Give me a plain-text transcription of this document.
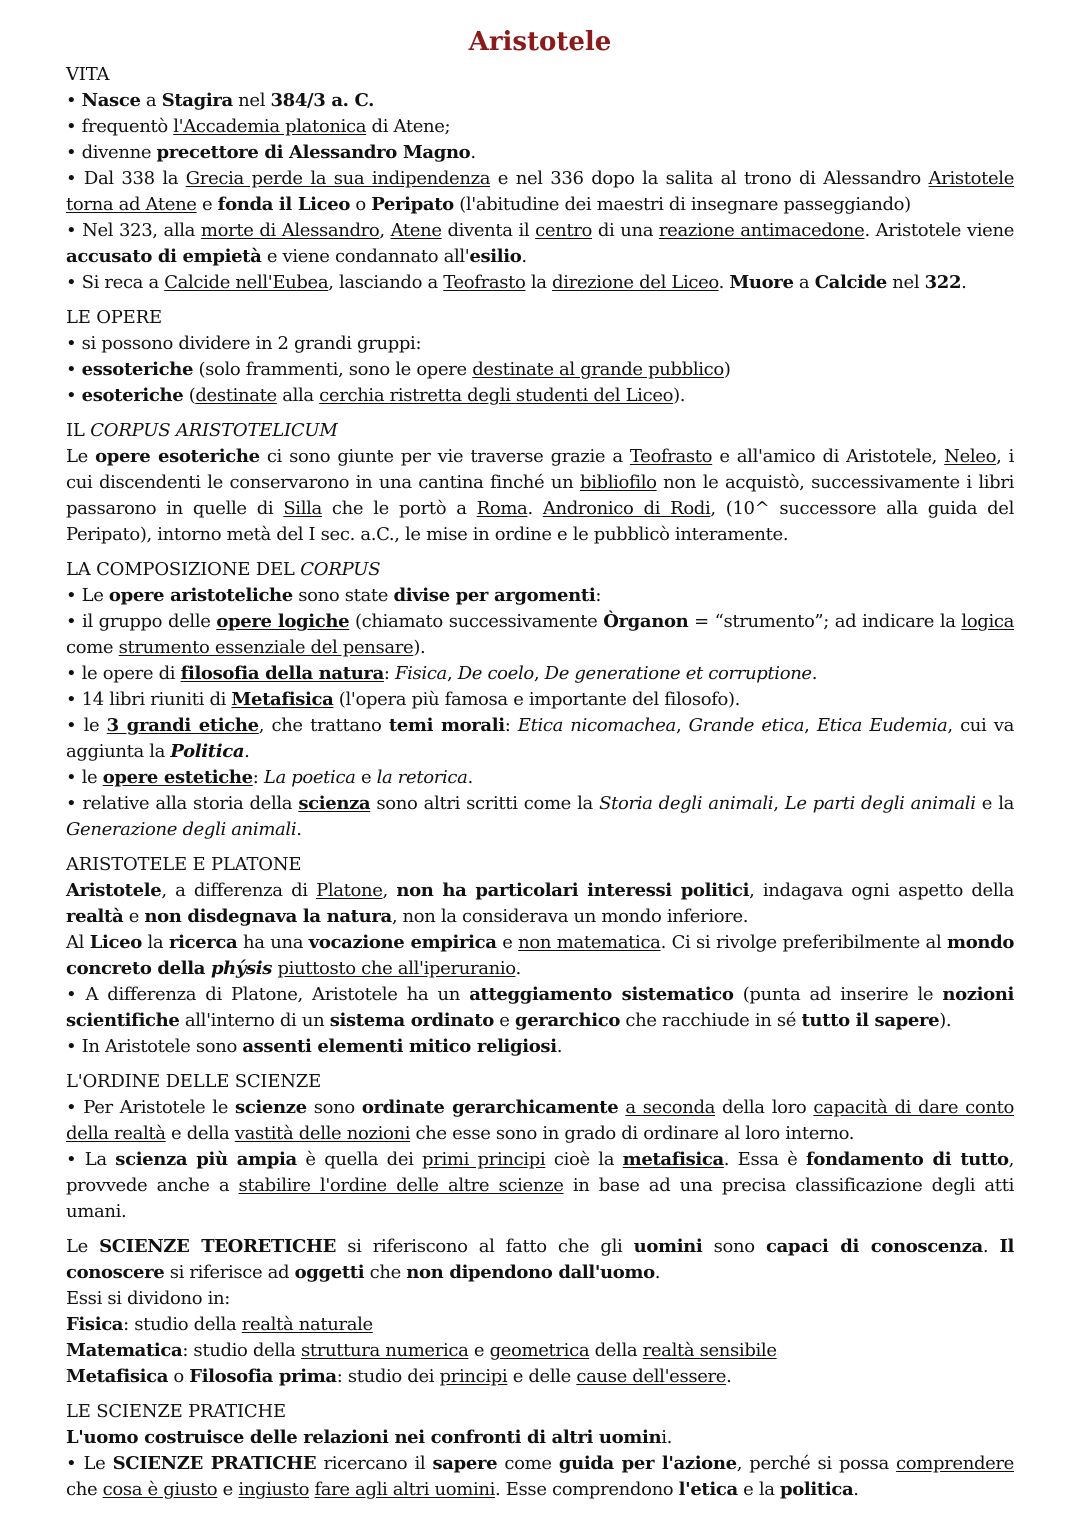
Aristotele
VITA

• Nasce a Stagira nel 384/3 a. C.

• frequentò l'Accademia platonica di Atene;

• divenne precettore di Alessandro Magno.

• Dal 338 la Grecia perde la sua indipendenza e nel 336 dopo la salita al trono di Alessandro Aristotele torna ad Atene e fonda il Liceo o Peripato (l'abitudine dei maestri di insegnare passeggiando)

• Nel 323, alla morte di Alessandro, Atene diventa il centro di una reazione antimacedone. Aristotele viene accusato di empietà e viene condannato all'esilio.

• Si reca a Calcide nell'Eubea, lasciando a Teofrasto la direzione del Liceo. Muore a Calcide nel 322.

LE OPERE

• si possono dividere in 2 grandi gruppi:

• essoteriche (solo frammenti, sono le opere destinate al grande pubblico)

• esoteriche (destinate alla cerchia ristretta degli studenti del Liceo).

IL CORPUS ARISTOTELICUM

Le opere esoteriche ci sono giunte per vie traverse grazie a Teofrasto e all'amico di Aristotele, Neleo, i cui discendenti le conservarono in una cantina finché un bibliofilo non le acquistò, successivamente i libri passarono in quelle di Silla che le portò a Roma. Andronico di Rodi, (10^ successore alla guida del Peripato), intorno metà del I sec. a.C., le mise in ordine e le pubblicò interamente.

LA COMPOSIZIONE DEL CORPUS

• Le opere aristoteliche sono state divise per argomenti:

• il gruppo delle opere logiche (chiamato successivamente Òrganon = “strumento”; ad indicare la logica come strumento essenziale del pensare).

• le opere di filosofia della natura: Fisica, De coelo, De generatione et corruptione.

• 14 libri riuniti di Metafisica (l'opera più famosa e importante del filosofo).

• le 3 grandi etiche, che trattano temi morali: Etica nicomachea, Grande etica, Etica Eudemia, cui va aggiunta la Politica.

• le opere estetiche: La poetica e la retorica.

• relative alla storia della scienza sono altri scritti come la Storia degli animali, Le parti degli animali e la Generazione degli animali.

ARISTOTELE E PLATONE

Aristotele, a differenza di Platone, non ha particolari interessi politici, indagava ogni aspetto della realtà e non disdegnava la natura, non la considerava un mondo inferiore.

Al Liceo la ricerca ha una vocazione empirica e non matematica. Ci si rivolge preferibilmente al mondo concreto della phýsis piuttosto che all'iperuranio.

• A differenza di Platone, Aristotele ha un atteggiamento sistematico (punta ad inserire le nozioni scientifiche all'interno di un sistema ordinato e gerarchico che racchiude in sé tutto il sapere).

• In Aristotele sono assenti elementi mitico religiosi.

L'ORDINE DELLE SCIENZE

• Per Aristotele le scienze sono ordinate gerarchicamente a seconda della loro capacità di dare conto della realtà e della vastità delle nozioni che esse sono in grado di ordinare al loro interno.

• La scienza più ampia è quella dei primi principi cioè la metafisica. Essa è fondamento di tutto, provvede anche a stabilire l'ordine delle altre scienze in base ad una precisa classificazione degli atti umani.

Le SCIENZE TEORETICHE si riferiscono al fatto che gli uomini sono capaci di conoscenza. Il conoscere si riferisce ad oggetti che non dipendono dall'uomo.

Essi si dividono in:

Fisica: studio della realtà naturale

Matematica: studio della struttura numerica e geometrica della realtà sensibile

Metafisica o Filosofia prima: studio dei principi e delle cause dell'essere.

LE SCIENZE PRATICHE

L'uomo costruisce delle relazioni nei confronti di altri uomini.

• Le SCIENZE PRATICHE ricercano il sapere come guida per l'azione, perché si possa comprendere che cosa è giusto e ingiusto fare agli altri uomini. Esse comprendono l'etica e la politica.
